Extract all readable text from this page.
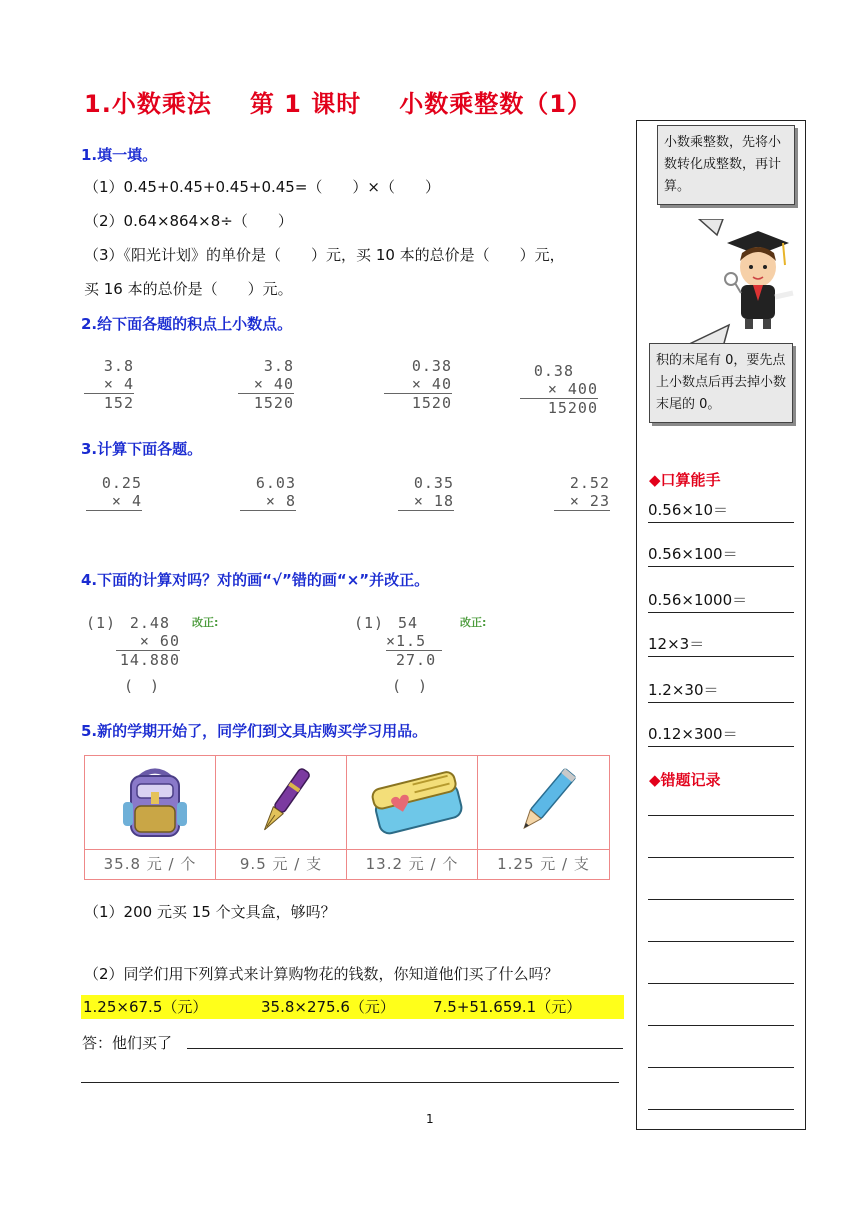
1.小数乘法 第 1 课时 小数乘整数（1）
1.填一填。
（1）0.45+0.45+0.45+0.45=（　　）×（　　）
（2）0.64×864×8÷（　　）
（3）《阳光计划》的单价是（　　）元，买 10 本的总价是（　　）元，
买 16 本的总价是（　　）元。
2.给下面各题的积点上小数点。
3.8
× 4
152
3.8
× 40
1520
0.38
× 40
1520
0.38
× 400
15200
3.计算下面各题。
0.25
× 4
6.03
× 8
0.35
× 18
2.52
× 23
4.下面的计算对吗？对的画“√”错的画“×”并改正。
(1) 2.48
× 60
14.880
(　)
改正:	(1) 54
×1.5
27.0
(　)
改正:
5.新的学期开始了，同学们到文具店购买学习用品。
35.8 元 / 个	9.5 元 / 支	13.2 元 / 个	1.25 元 / 支
（1）200 元买 15 个文具盒，够吗？
（2）同学们用下列算式来计算购物花的钱数，你知道他们买了什么吗？
1.25×67.5（元）	35.8×275.6（元）	7.5+51.659.1（元）
答：他们买了
1
小数乘整数，先将小数转化成整数，再计算。
积的末尾有 0，要先点上小数点后再去掉小数末尾的 0。
◆口算能手
0.56×10＝
0.56×100＝
0.56×1000＝
12×3＝
1.2×30＝
0.12×300＝
◆错题记录
